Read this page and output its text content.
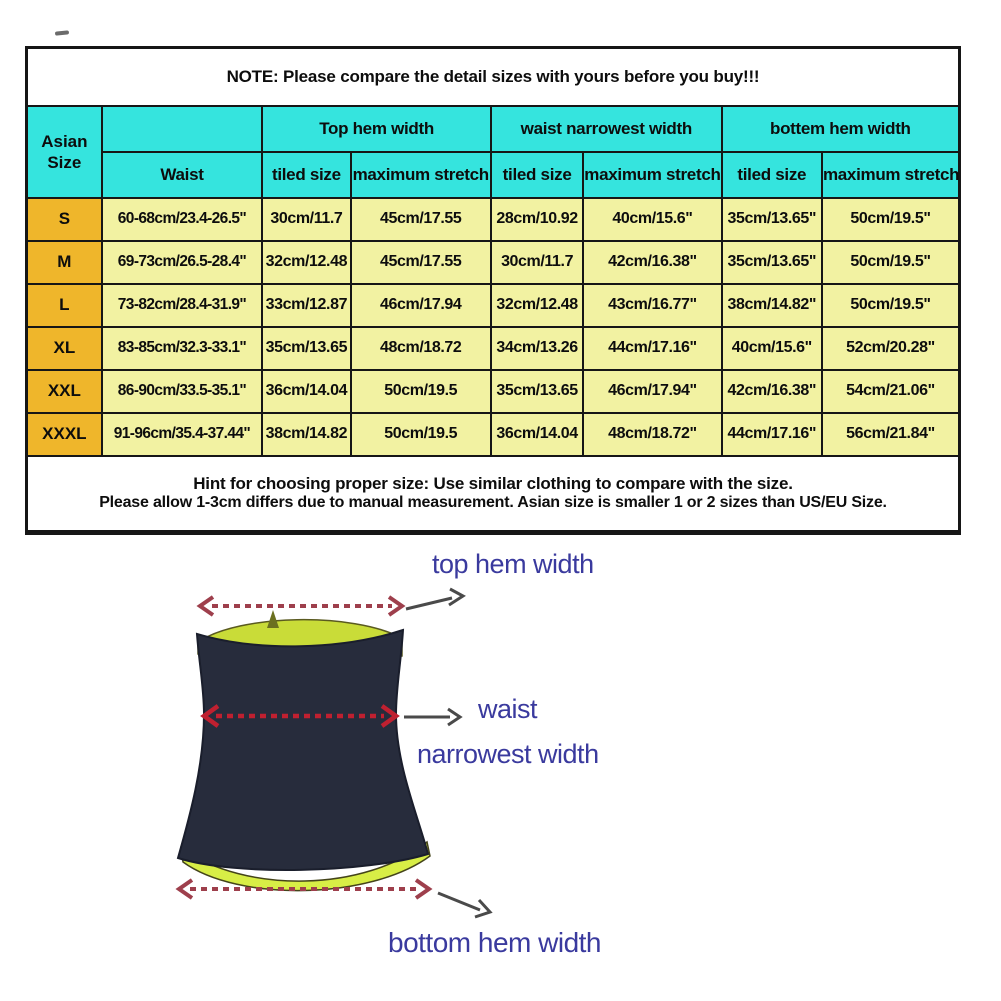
NOTE: Please compare the detail sizes with yours before you buy!!!							
Asian
Size		Top hem width		waist narrowest width		bottem hem width	
	Waist	tiled size	maximum stretch	tiled size	maximum stretch	tiled size	maximum stretch
S	60-68cm/23.4-26.5"	30cm/11.7	45cm/17.55	28cm/10.92	40cm/15.6"	35cm/13.65"	50cm/19.5"
M	69-73cm/26.5-28.4"	32cm/12.48	45cm/17.55	30cm/11.7	42cm/16.38"	35cm/13.65"	50cm/19.5"
L	73-82cm/28.4-31.9"	33cm/12.87	46cm/17.94	32cm/12.48	43cm/16.77"	38cm/14.82"	50cm/19.5"
XL	83-85cm/32.3-33.1"	35cm/13.65	48cm/18.72	34cm/13.26	44cm/17.16"	40cm/15.6"	52cm/20.28"
XXL	86-90cm/33.5-35.1"	36cm/14.04	50cm/19.5	35cm/13.65	46cm/17.94"	42cm/16.38"	54cm/21.06"
XXXL	91-96cm/35.4-37.44"	38cm/14.82	50cm/19.5	36cm/14.04	48cm/18.72"	44cm/17.16"	56cm/21.84"

Hint for choosing proper size: Use similar clothing to compare with the size.
Please allow 1-3cm differs due to manual measurement. Asian size is smaller 1 or 2 sizes than US/EU Size.							
top hem width
waist
narrowest width
bottom hem width
